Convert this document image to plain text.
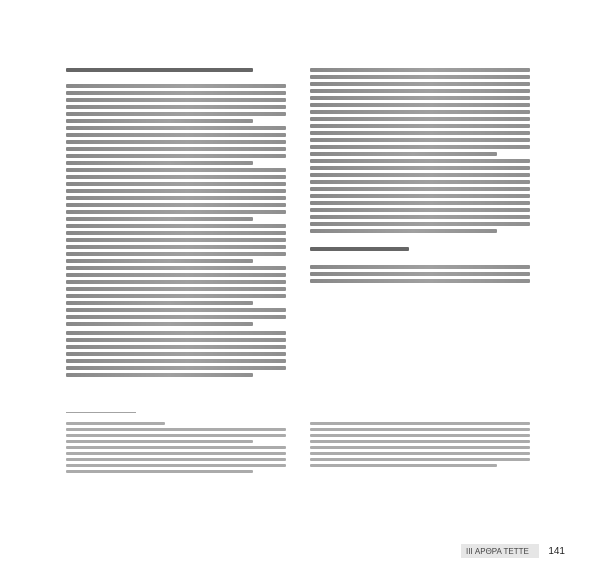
III ΑΡΘΡΑ ΤΕΤΤΕ	141
